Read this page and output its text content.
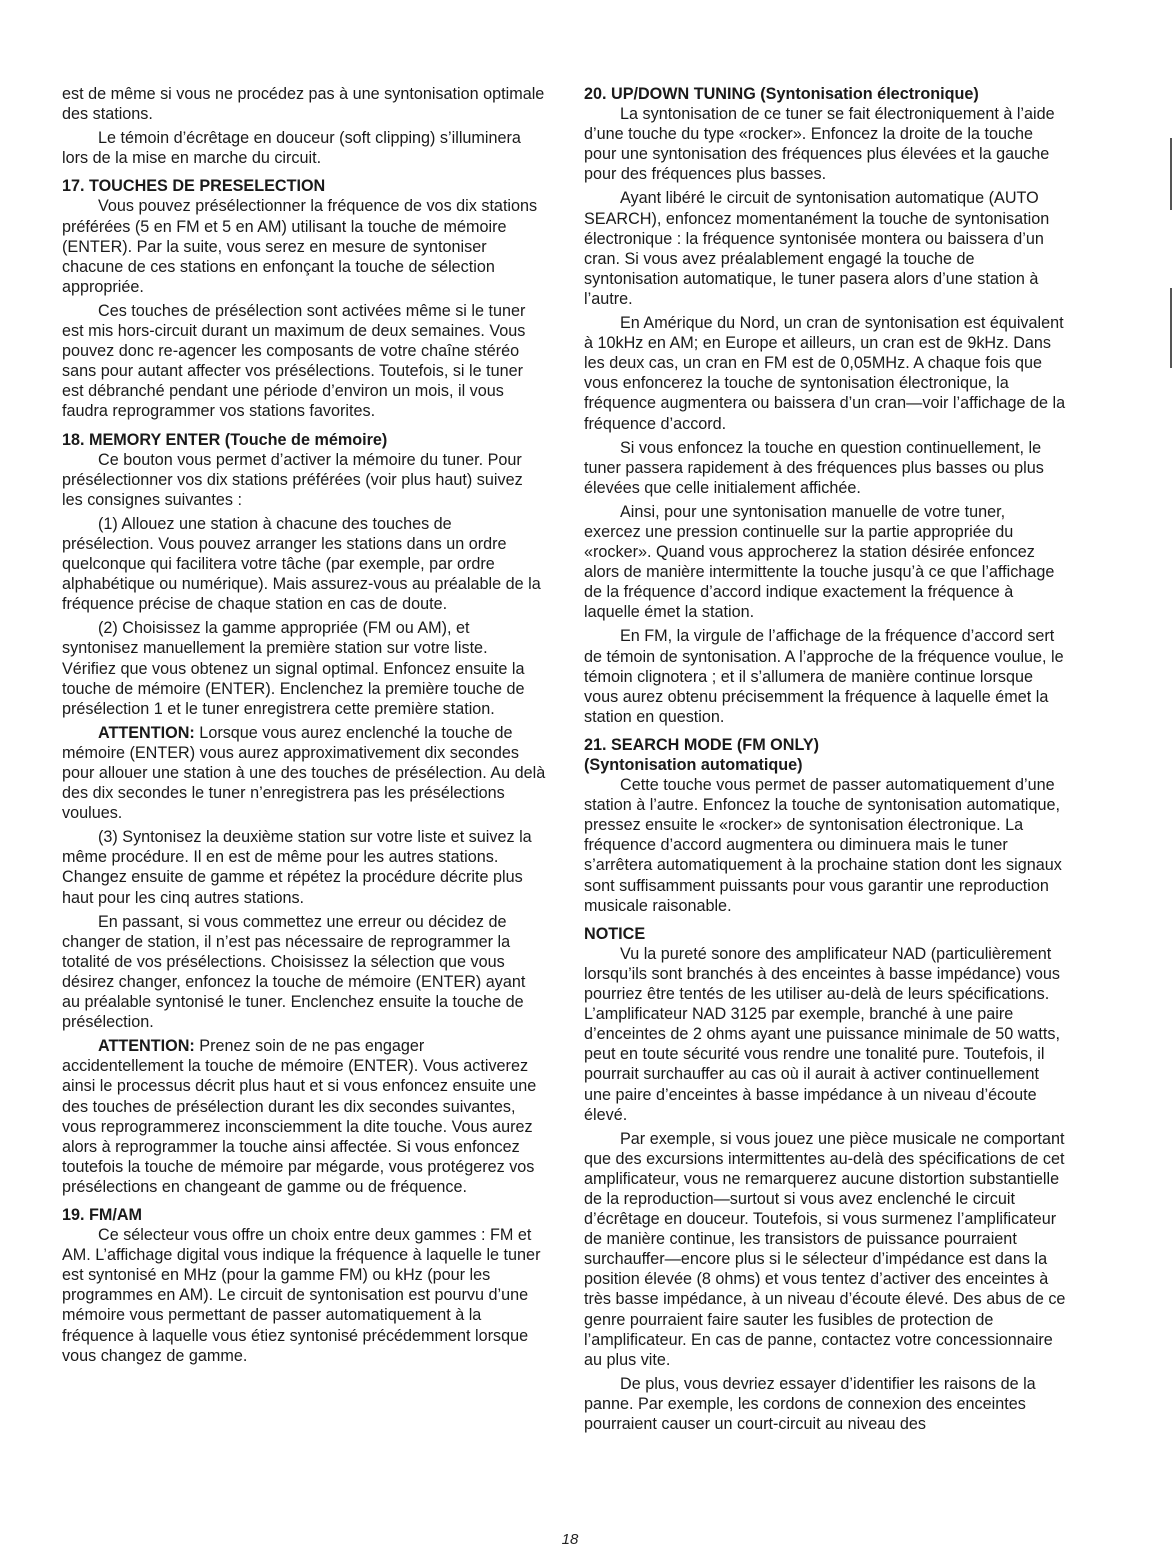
est de même si vous ne procédez pas à une syntonisation optimale des stations.

Le témoin d’écrêtage en douceur (soft clipping) s’illuminera lors de la mise en marche du circuit.

17. TOUCHES DE PRESELECTION

Vous pouvez présélectionner la fréquence de vos dix stations préférées (5 en FM et 5 en AM) utilisant la touche de mémoire (ENTER). Par la suite, vous serez en mesure de syntoniser chacune de ces stations en enfonçant la touche de sélection appropriée.

Ces touches de présélection sont activées même si le tuner est mis hors-circuit durant un maximum de deux semaines. Vous pouvez donc re-agencer les composants de votre chaîne stéréo sans pour autant affecter vos présélections. Toutefois, si le tuner est débranché pendant une période d’environ un mois, il vous faudra reprogrammer vos stations favorites.

18. MEMORY ENTER (Touche de mémoire)

Ce bouton vous permet d’activer la mémoire du tuner. Pour présélectionner vos dix stations préférées (voir plus haut) suivez les consignes suivantes :

(1) Allouez une station à chacune des touches de présélection. Vous pouvez arranger les stations dans un ordre quelconque qui facilitera votre tâche (par exemple, par ordre alphabétique ou numérique). Mais assurez-vous au préalable de la fréquence précise de chaque station en cas de doute.

(2) Choisissez la gamme appropriée (FM ou AM), et syntonisez manuellement la première station sur votre liste. Vérifiez que vous obtenez un signal optimal. Enfoncez ensuite la touche de mémoire (ENTER). Enclenchez la première touche de présélection 1 et le tuner enregistrera cette première station.

ATTENTION: Lorsque vous aurez enclenché la touche de mémoire (ENTER) vous aurez approximativement dix secondes pour allouer une station à une des touches de présélection. Au delà des dix secondes le tuner n’enregistrera pas les présélections voulues.

(3) Syntonisez la deuxième station sur votre liste et suivez la même procédure. Il en est de même pour les autres stations. Changez ensuite de gamme et répétez la procédure décrite plus haut pour les cinq autres stations.

En passant, si vous commettez une erreur ou décidez de changer de station, il n’est pas nécessaire de reprogrammer la totalité de vos présélections. Choisissez la sélection que vous désirez changer, enfoncez la touche de mémoire (ENTER) ayant au préalable syntonisé le tuner. Enclenchez ensuite la touche de présélection.

ATTENTION: Prenez soin de ne pas engager accidentellement la touche de mémoire (ENTER). Vous activerez ainsi le processus décrit plus haut et si vous enfoncez ensuite une des touches de présélection durant les dix secondes suivantes, vous reprogrammerez inconsciemment la dite touche. Vous aurez alors à reprogrammer la touche ainsi affectée. Si vous enfoncez toutefois la touche de mémoire par mégarde, vous protégerez vos présélections en changeant de gamme ou de fréquence.

19. FM/AM

Ce sélecteur vous offre un choix entre deux gammes : FM et AM. L’affichage digital vous indique la fréquence à laquelle le tuner est syntonisé en MHz (pour la gamme FM) ou kHz (pour les programmes en AM). Le circuit de syntonisation est pourvu d’une mémoire vous permettant de passer automatiquement à la fréquence à laquelle vous étiez syntonisé précédemment lorsque vous changez de gamme.

20. UP/DOWN TUNING (Syntonisation électronique)

La syntonisation de ce tuner se fait électroniquement à l’aide d’une touche du type «rocker». Enfoncez la droite de la touche pour une syntonisation des fréquences plus élevées et la gauche pour des fréquences plus basses.

Ayant libéré le circuit de syntonisation automatique (AUTO SEARCH), enfoncez momentanément la touche de syntonisation électronique : la fréquence syntonisée montera ou baissera d’un cran. Si vous avez préalablement engagé la touche de syntonisation automatique, le tuner pasera alors d’une station à l’autre.

En Amérique du Nord, un cran de syntonisation est équivalent à 10kHz en AM; en Europe et ailleurs, un cran est de 9kHz. Dans les deux cas, un cran en FM est de 0,05MHz. A chaque fois que vous enfoncerez la touche de syntonisation électronique, la fréquence augmentera ou baissera d’un cran—voir l’affichage de la fréquence d’accord.

Si vous enfoncez la touche en question continuellement, le tuner passera rapidement à des fréquences plus basses ou plus élevées que celle initialement affichée.

Ainsi, pour une syntonisation manuelle de votre tuner, exercez une pression continuelle sur la partie appropriée du «rocker». Quand vous approcherez la station désirée enfoncez alors de manière intermittente la touche jusqu’à ce que l’affichage de la fréquence d’accord indique exactement la fréquence à laquelle émet la station.

En FM, la virgule de l’affichage de la fréquence d’accord sert de témoin de syntonisation. A l’approche de la fréquence voulue, le témoin clignotera ; et il s’allumera de manière continue lorsque vous aurez obtenu précisemment la fréquence à laquelle émet la station en question.

21. SEARCH MODE (FM ONLY)
(Syntonisation automatique)

Cette touche vous permet de passer automatiquement d’une station à l’autre. Enfoncez la touche de syntonisation automatique, pressez ensuite le «rocker» de syntonisation électronique. La fréquence d’accord augmentera ou diminuera mais le tuner s’arrêtera automatiquement à la prochaine station dont les signaux sont suffisamment puissants pour vous garantir une reproduction musicale raisonable.

NOTICE

Vu la pureté sonore des amplificateur NAD (particulièrement lorsqu’ils sont branchés à des enceintes à basse impédance) vous pourriez être tentés de les utiliser au-delà de leurs spécifications. L’amplificateur NAD 3125 par exemple, branché à une paire d’enceintes de 2 ohms ayant une puissance minimale de 50 watts, peut en toute sécurité vous rendre une tonalité pure. Toutefois, il pourrait surchauffer au cas où il aurait à activer continuellement une paire d’enceintes à basse impédance à un niveau d’écoute élevé.

Par exemple, si vous jouez une pièce musicale ne comportant que des excursions intermittentes au-delà des spécifications de cet amplificateur, vous ne remarquerez aucune distortion substantielle de la reproduction—surtout si vous avez enclenché le circuit d’écrêtage en douceur. Toutefois, si vous surmenez l’amplificateur de manière continue, les transistors de puissance pourraient surchauffer—encore plus si le sélecteur d’impédance est dans la position élevée (8 ohms) et vous tentez d’activer des enceintes à très basse impédance, à un niveau d’écoute élevé. Des abus de ce genre pourraient faire sauter les fusibles de protection de l’amplificateur. En cas de panne, contactez votre concessionnaire au plus vite.

De plus, vous devriez essayer d’identifier les raisons de la panne. Par exemple, les cordons de connexion des enceintes pourraient causer un court-circuit au niveau des

18
